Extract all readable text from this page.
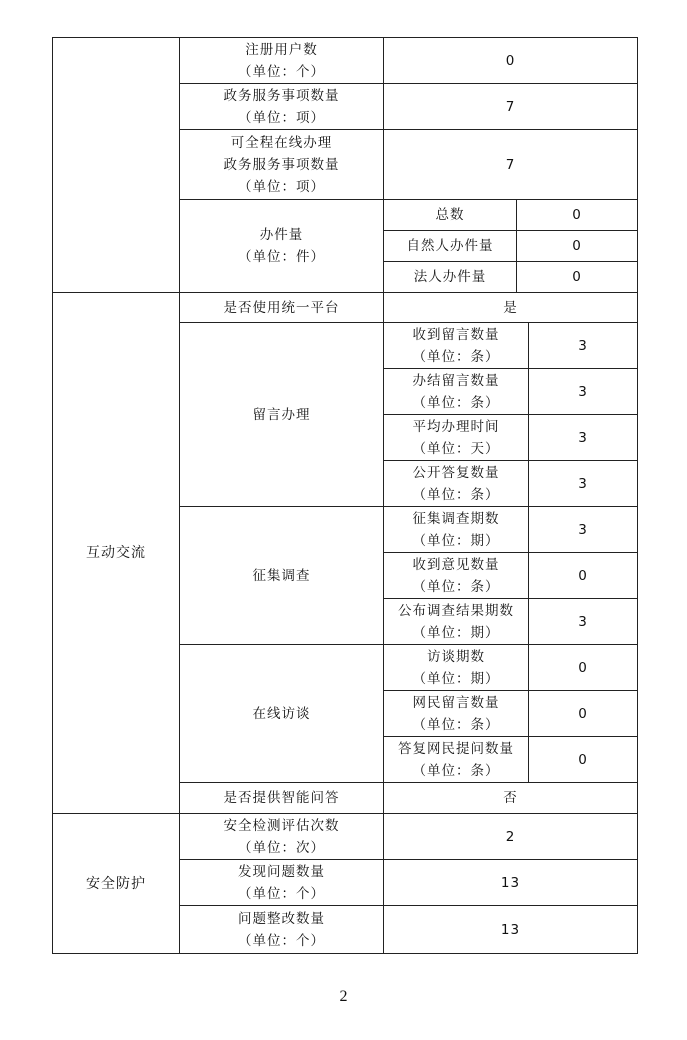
	注册用户数
（单位：个）	0		

	政务服务事项数量
（单位：项）	7		

	可全程在线办理
政务服务事项数量
（单位：项）	7		

	办件量
（单位：件）	总数	0	
		自然人办件量	0	
		法人办件量	0	
互动交流	是否使用统一平台	是		
	留言办理	收到留言数量
（单位：条）		3

		办结留言数量
（单位：条）		3

		平均办理时间
（单位：天）		3

		公开答复数量
（单位：条）		3
	征集调查	征集调查期数
（单位：期）		3

		收到意见数量
（单位：条）		0

		公布调查结果期数
（单位：期）		3
	在线访谈	访谈期数
（单位：期）		0

		网民留言数量
（单位：条）		0

		答复网民提问数量
（单位：条）		0
	是否提供智能问答	否		
安全防护	安全检测评估次数
（单位：次）	2		

	发现问题数量
（单位：个）	13		

	问题整改数量
（单位：个）	13		
2
